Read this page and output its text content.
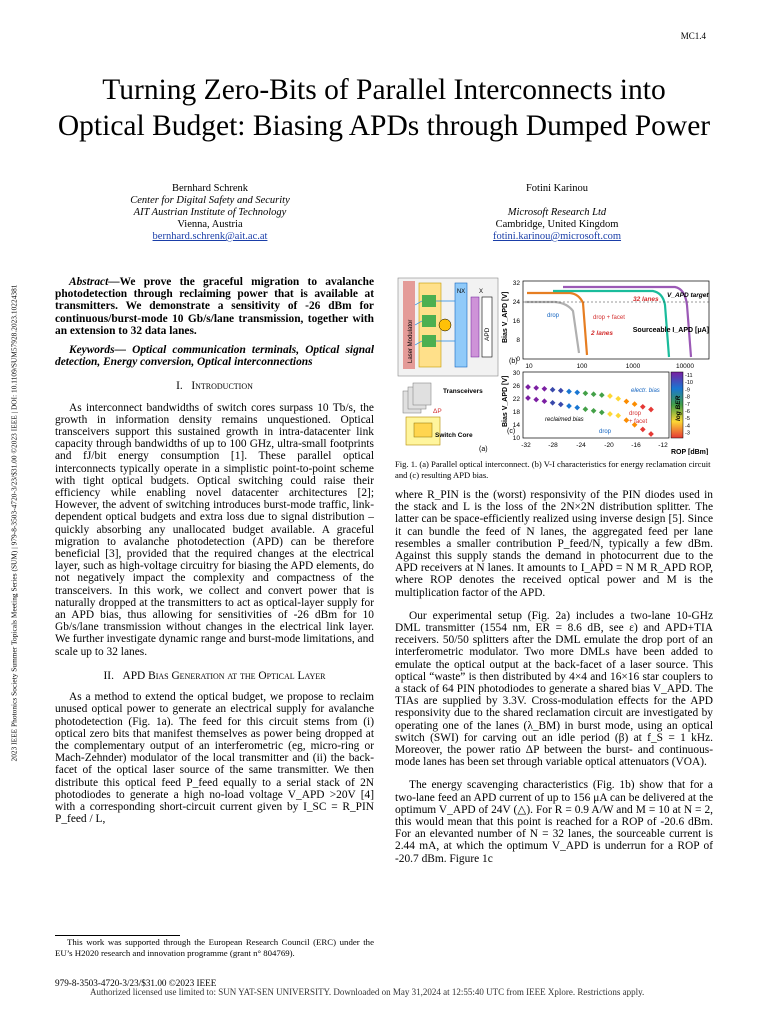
MC1.4
Turning Zero-Bits of Parallel Interconnects into
Optical Budget: Biasing APDs through Dumped Power
2023 IEEE Photonics Society Summer Topicals Meeting Series (SUM) | 979-8-3503-4720-3/23/$31.00 ©2023 IEEE | DOI: 10.1109/SUM57928.2023.10224381
Bernhard Schrenk
Center for Digital Safety and Security
AIT Austrian Institute of Technology
Vienna, Austria
bernhard.schrenk@ait.ac.at
Fotini Karinou

Microsoft Research Ltd
Cambridge, United Kingdom
fotini.karinou@microsoft.com

Abstract—We prove the graceful migration to avalanche photodetection through reclaiming power that is available at transmitters. We demonstrate a sensitivity of -26 dBm for continuous/burst-mode 10 Gb/s/lane transmission, together with an extension to 32 data lanes.

Keywords— Optical communication terminals, Optical signal detection, Energy conversion, Optical interconnections

I. Introduction

As interconnect bandwidths of switch cores surpass 10 Tb/s, the growth in information density remains unquestioned. Optical transceivers support this sustained growth in intra-datacenter link capacity through bandwidths of up to 100 GHz, ultra-small footprints and fJ/bit energy consumption [1]. These parallel optical interconnects typically operate in a simplistic point-to-point scheme with tight optical budgets. Optical switching could raise their efficiency while enabling novel datacenter architectures [2]; However, the advent of switching introduces burst-mode traffic, link-dependent optical budgets and extra loss due to signal distribution – quickly absorbing any unallocated budget available. A graceful migration to avalanche photodetection (APD) can be therefore beneficial [3], provided that the required changes at the electrical layer, such as high-voltage circuitry for biasing the APD elements, do not negatively impact the complexity and compactness of the transceivers. In this work, we collect and convert power that is naturally dropped at the transmitters to act as optical-layer supply for an APD bias, thus allowing for sensitivities of -26 dBm for 10 Gb/s/lane transmission without changes in the electrical link layer. We further investigate dynamic range and burst-mode limitations, and scale up to 32 lanes.

II. APD Bias Generation at the Optical Layer

As a method to extend the optical budget, we propose to reclaim unused optical power to generate an electrical supply for avalanche photodetection (Fig. 1a). The feed for this circuit stems from (i) optical zero bits that manifest themselves as power being dropped at the complementary output of an interferometric (eg, micro-ring or Mach-Zehnder) modulator of the local transmitter and (ii) the back-facet of the optical laser source of the same transmitter. We then distribute this optical feed P_feed equally to a serial stack of 2N photodiodes to generate a high no-load voltage V_APD >20V [4] with a corresponding short-circuit current given by I_SC = R_PIN P_feed / L,

This work was supported through the European Research Council (ERC) under the EU’s H2020 research and innovation programme (grant n° 804769).
979-8-3503-4720-3/23/$31.00 ©2023 IEEE
Authorized licensed use limited to: SUN YAT-SEN UNIVERSITY. Downloaded on May 31,2024 at 12:55:40 UTC from IEEE Xplore. Restrictions apply.
Laser Modulator
NX X
APD
Transceivers
Switch Core
ΔP
(a)
32
24
16
8
0
Bias V_APD [V]
10	100	1000	10000
32 lanes
2 lanes
drop	drop + facet
V_APD target
Sourceable I_APD [μA]
(b)
30
26
22
18
14
10
Bias V_APD [V]
-32	-28	-24	-20	-16	-12
ROP [dBm]
(c)
electr. bias
reclaimed bias
drop
+ facet
drop
log BER
-11
-10
-9
-8
-7
-6
-5
-4
-3
Fig. 1. (a) Parallel optical interconnect. (b) V-I characteristics for energy reclamation circuit and (c) resulting APD bias.

where R_PIN is the (worst) responsivity of the PIN diodes used in the stack and L is the loss of the 2N×2N distribution splitter. The latter can be space-efficiently realized using inverse design [5]. Since it can bundle the feed of N lanes, the aggregated feed per lane resembles a smaller contribution P_feed/N, typically a few dBm. Against this supply stands the demand in photocurrent due to the APD receivers at N lanes. It amounts to I_APD = N M R_APD ROP, where ROP denotes the received optical power and M is the multiplication factor of the APD.

Our experimental setup (Fig. 2a) includes a two-lane 10-GHz DML transmitter (1554 nm, ER = 8.6 dB, see ε) and APD+TIA receivers. 50/50 splitters after the DML emulate the drop port of an interferometric modulator. Two more DMLs have been added to emulate the optical output at the back-facet of a laser source. This optical “waste” is then distributed by 4×4 and 16×16 star couplers to a stack of 64 PIN photodiodes to generate a shared bias V_APD. The TIAs are supplied by 3.3V. Cross-modulation effects for the APD responsivity due to the shared reclamation circuit are investigated by operating one of the lanes (λ_BM) in burst mode, using an optical switch (SWI) for carving out an idle period (β) at f_S = 1 kHz. Moreover, the power ratio ΔP between the burst- and continuous-mode lanes has been set through variable optical attenuators (VOA).

The energy scavenging characteristics (Fig. 1b) show that for a two-lane feed an APD current of up to 156 μA can be delivered at the optimum V_APD of 24V (△). For R = 0.9 A/W and M = 10 at N = 2, this would mean that this point is reached for a ROP of -20.6 dBm. For an elevanted number of N = 32 lanes, the sourceable current is 2.44 mA, at which the optimum V_APD is underrun for a ROP of -20.7 dBm. Figure 1c
